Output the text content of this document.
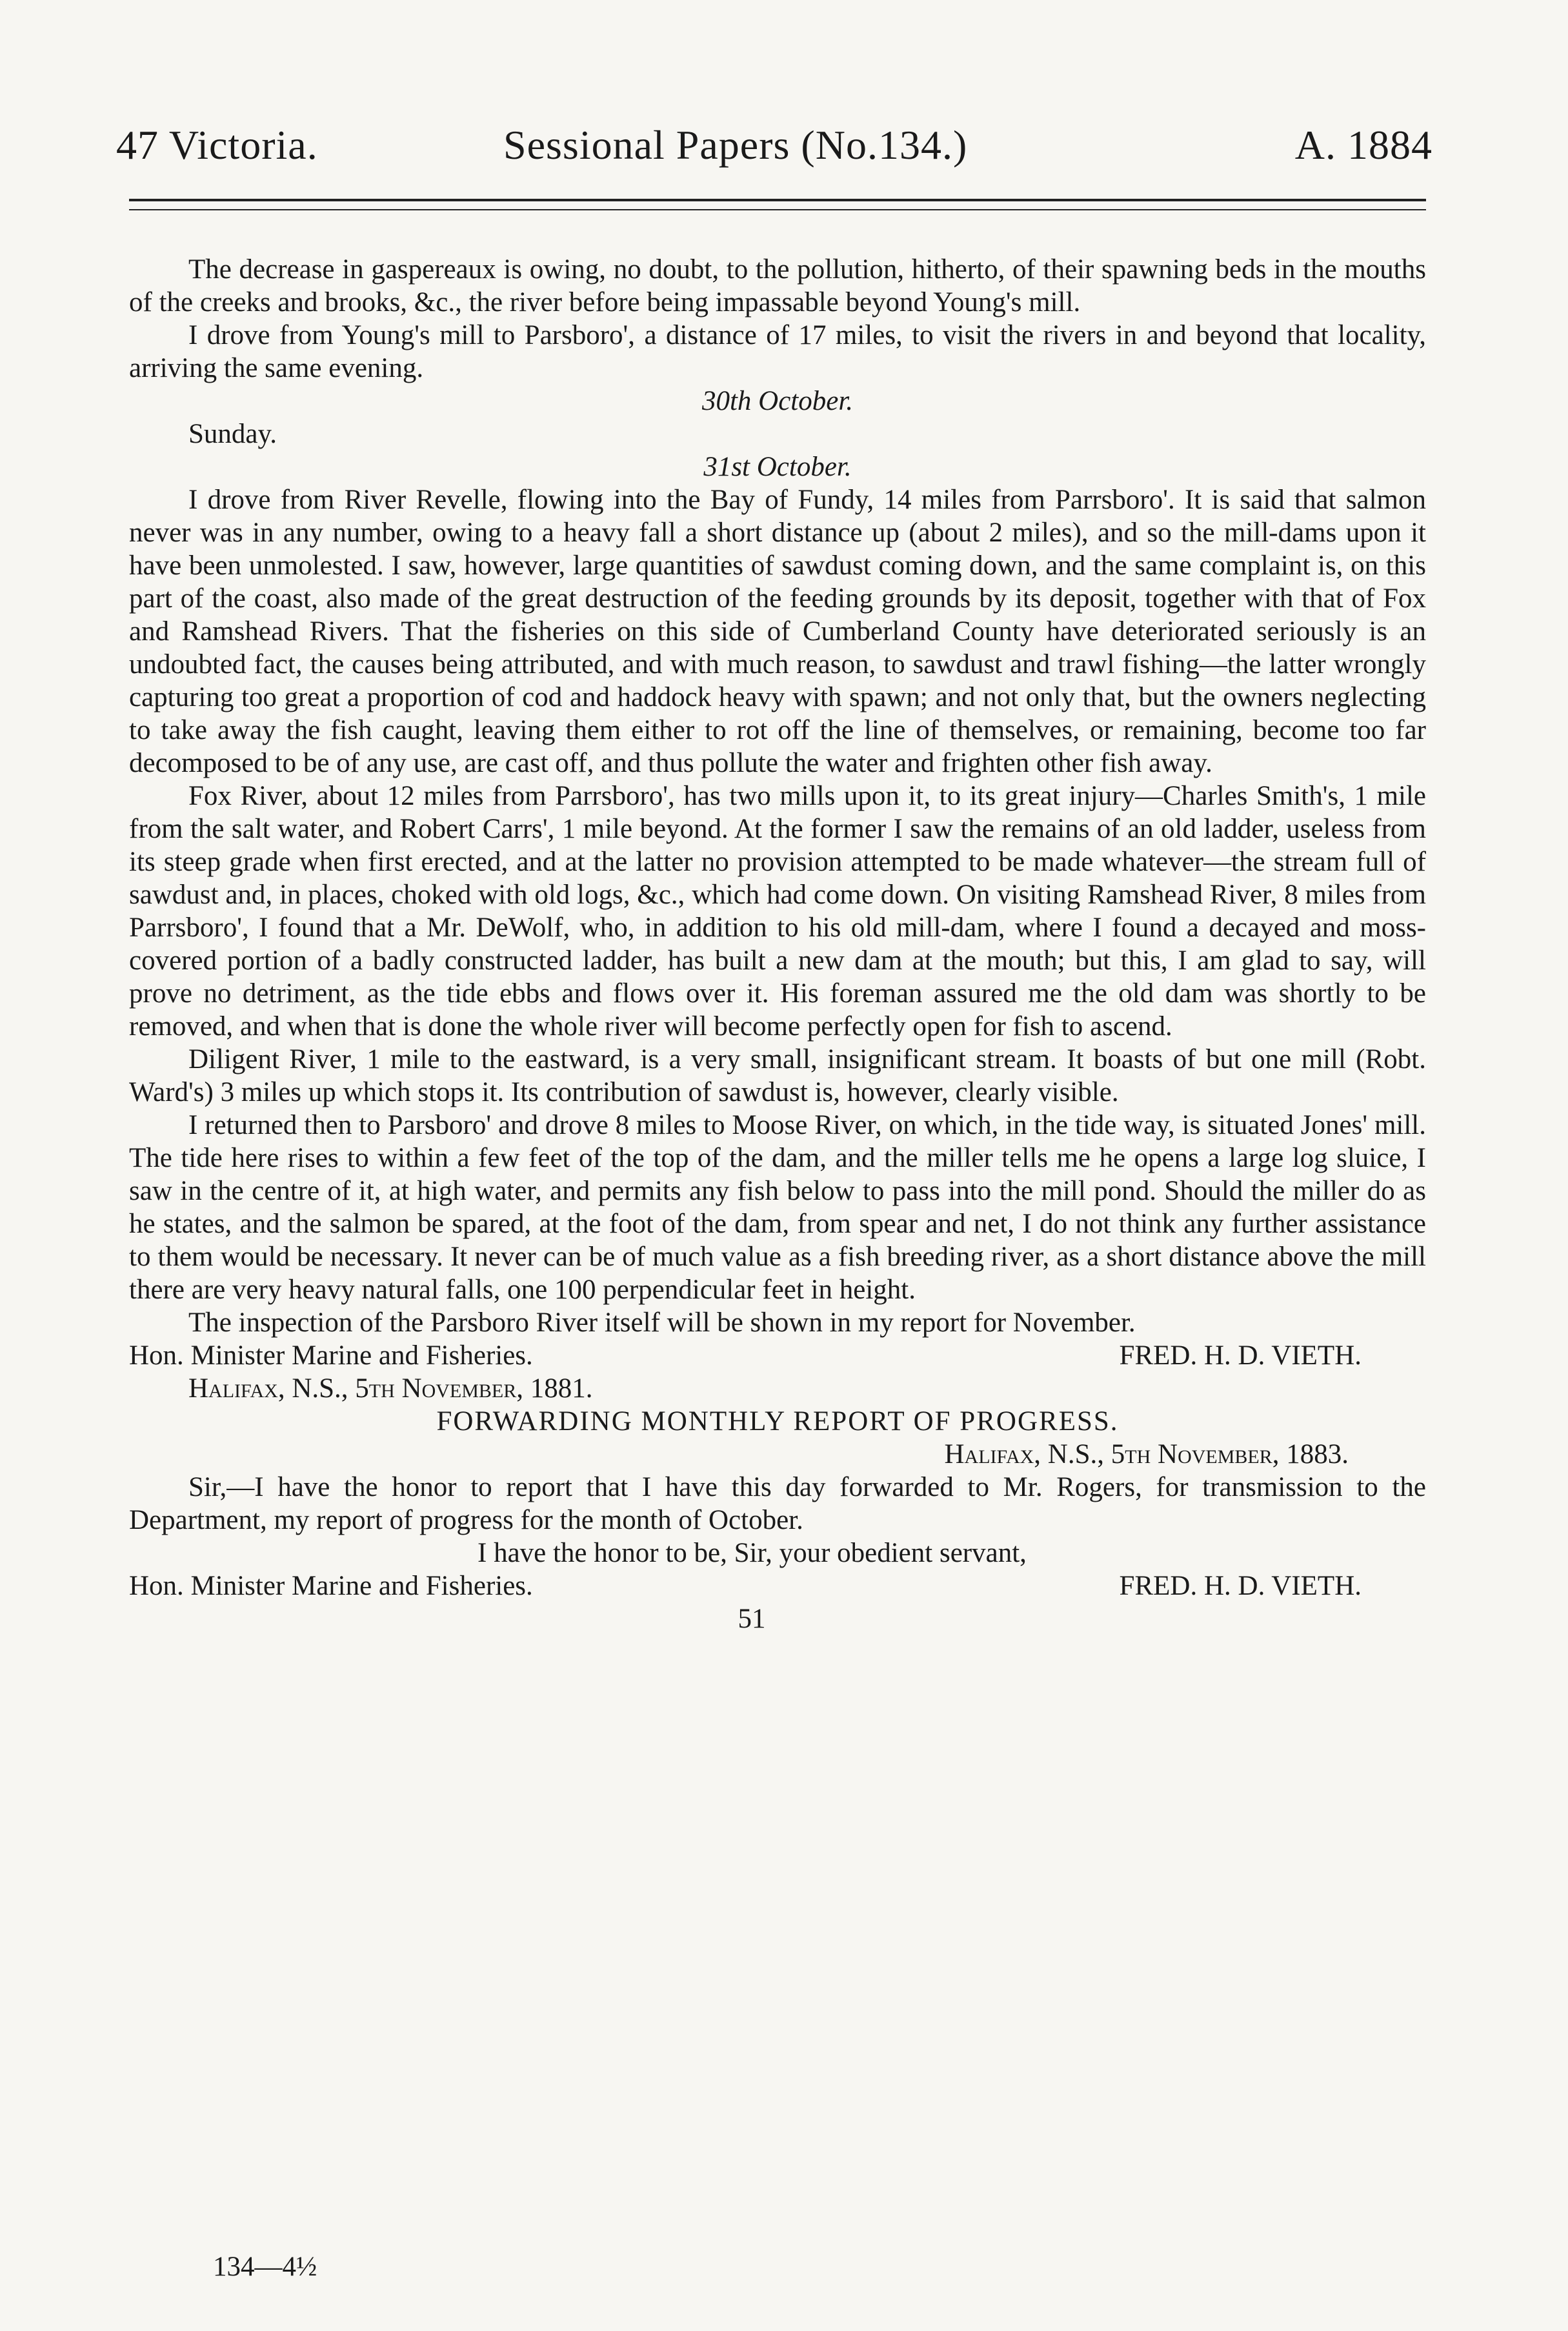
47 Victoria.	Sessional Papers (No.134.)	A. 1884

The decrease in gaspereaux is owing, no doubt, to the pollution, hitherto, of their spawning beds in the mouths of the creeks and brooks, &c., the river before being impassable beyond Young's mill.

I drove from Young's mill to Parsboro', a distance of 17 miles, to visit the rivers in and beyond that locality, arriving the same evening.

30th October.

Sunday.

31st October.

I drove from River Revelle, flowing into the Bay of Fundy, 14 miles from Parrsboro'. It is said that salmon never was in any number, owing to a heavy fall a short distance up (about 2 miles), and so the mill-dams upon it have been unmolested. I saw, however, large quantities of sawdust coming down, and the same complaint is, on this part of the coast, also made of the great destruction of the feeding grounds by its deposit, together with that of Fox and Ramshead Rivers. That the fisheries on this side of Cumberland County have deteriorated seriously is an undoubted fact, the causes being attributed, and with much reason, to sawdust and trawl fishing—the latter wrongly capturing too great a proportion of cod and haddock heavy with spawn; and not only that, but the owners neglecting to take away the fish caught, leaving them either to rot off the line of themselves, or remaining, become too far decomposed to be of any use, are cast off, and thus pollute the water and frighten other fish away.

Fox River, about 12 miles from Parrsboro', has two mills upon it, to its great injury—Charles Smith's, 1 mile from the salt water, and Robert Carrs', 1 mile beyond. At the former I saw the remains of an old ladder, useless from its steep grade when first erected, and at the latter no provision attempted to be made whatever—the stream full of sawdust and, in places, choked with old logs, &c., which had come down. On visiting Ramshead River, 8 miles from Parrsboro', I found that a Mr. DeWolf, who, in addition to his old mill-dam, where I found a decayed and moss-covered portion of a badly constructed ladder, has built a new dam at the mouth; but this, I am glad to say, will prove no detriment, as the tide ebbs and flows over it. His foreman assured me the old dam was shortly to be removed, and when that is done the whole river will become perfectly open for fish to ascend.

Diligent River, 1 mile to the eastward, is a very small, insignificant stream. It boasts of but one mill (Robt. Ward's) 3 miles up which stops it. Its contribution of sawdust is, however, clearly visible.

I returned then to Parsboro' and drove 8 miles to Moose River, on which, in the tide way, is situated Jones' mill. The tide here rises to within a few feet of the top of the dam, and the miller tells me he opens a large log sluice, I saw in the centre of it, at high water, and permits any fish below to pass into the mill pond. Should the miller do as he states, and the salmon be spared, at the foot of the dam, from spear and net, I do not think any further assistance to them would be necessary. It never can be of much value as a fish breeding river, as a short distance above the mill there are very heavy natural falls, one 100 perpendicular feet in height.

The inspection of the Parsboro River itself will be shown in my report for November.

Hon. Minister Marine and Fisheries.	FRED. H. D. VIETH.

Halifax, N.S., 5th November, 1881.

FORWARDING MONTHLY REPORT OF PROGRESS.

Halifax, N.S., 5th November, 1883.

Sir,—I have the honor to report that I have this day forwarded to Mr. Rogers, for transmission to the Department, my report of progress for the month of October.

I have the honor to be, Sir, your obedient servant,

Hon. Minister Marine and Fisheries.	FRED. H. D. VIETH.

51

134—4½
